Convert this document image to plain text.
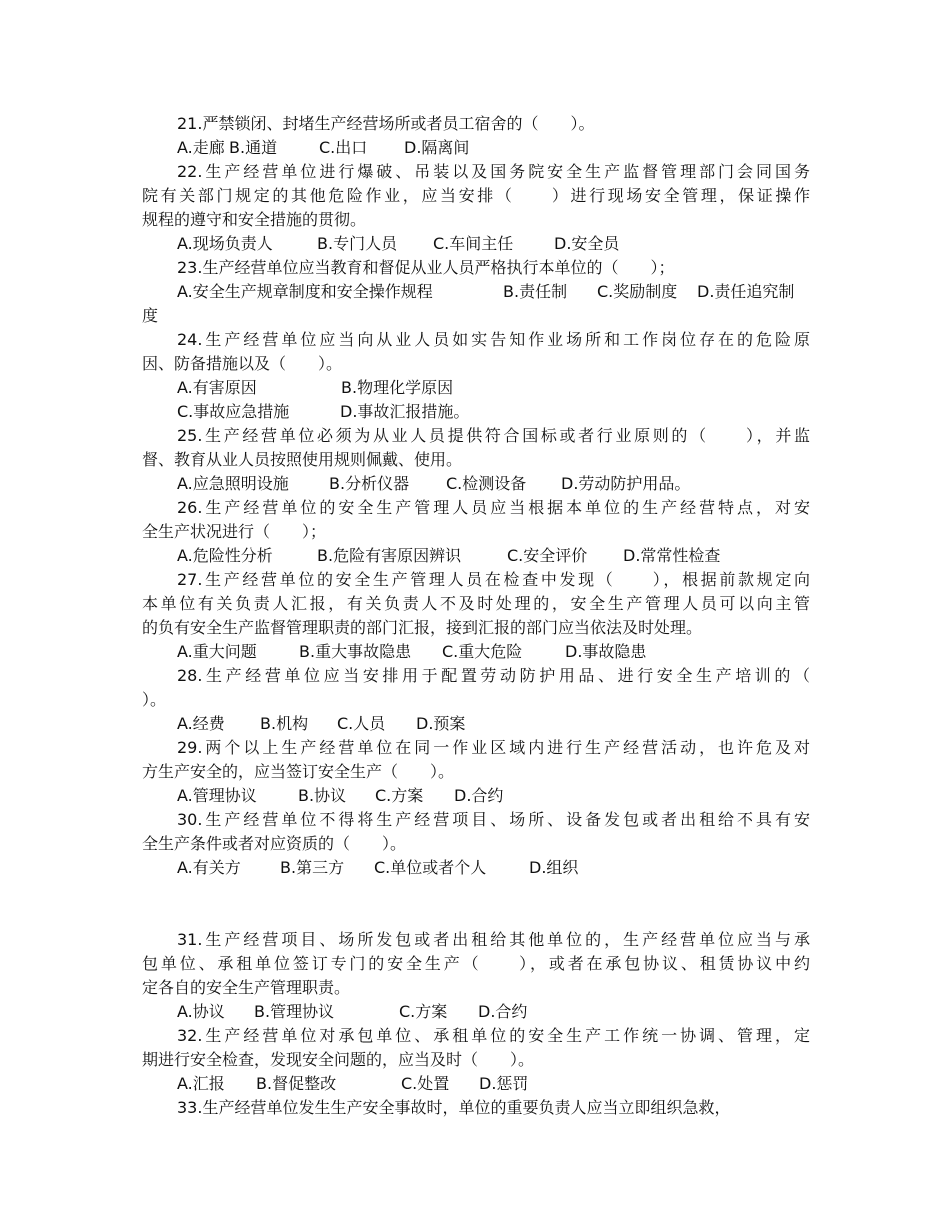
21.严禁锁闭、封堵生产经营场所或者员工宿舍的（　　）。
A.走廊 B.通道	C.出口 D.隔离间
22.生产经营单位进行爆破、吊装以及国务院安全生产监督管理部门会同国务
院有关部门规定的其他危险作业，应当安排（　　）进行现场安全管理，保证操作
规程的遵守和安全措施的贯彻。
A.现场负责人	B.专门人员 C.车间主任	D.安全员
23.生产经营单位应当教育和督促从业人员严格执行本单位的（　　）；
A.安全生产规章制度和安全操作规程	B.责任制 C.奖励制度 D.责任追究制
度
24.生产经营单位应当向从业人员如实告知作业场所和工作岗位存在的危险原
因、防备措施以及（　　）。
A.有害原因	B.物理化学原因
C.事故应急措施	D.事故汇报措施。
25.生产经营单位必须为从业人员提供符合国标或者行业原则的（　　），并监
督、教育从业人员按照使用规则佩戴、使用。
A.应急照明设施	B.分析仪器 C.检测设备 D.劳动防护用品。
26.生产经营单位的安全生产管理人员应当根据本单位的生产经营特点，对安
全生产状况进行（　　）；
A.危险性分析	B.危险有害原因辨识	C.安全评价 D.常常性检查
27.生产经营单位的安全生产管理人员在检查中发现（　　），根据前款规定向
本单位有关负责人汇报，有关负责人不及时处理的，安全生产管理人员可以向主管
的负有安全生产监督管理职责的部门汇报，接到汇报的部门应当依法及时处理。
A.重大问题	B.重大事故隐患 C.重大危险	D.事故隐患
28.生产经营单位应当安排用于配置劳动防护用品、进行安全生产培训的（
）。
A.经费 B.机构 C.人员 D.预案
29.两个以上生产经营单位在同一作业区域内进行生产经营活动，也许危及对
方生产安全的，应当签订安全生产（　　）。
A.管理协议	B.协议 C.方案 D.合约
30.生产经营单位不得将生产经营项目、场所、设备发包或者出租给不具有安
全生产条件或者对应资质的（　　）。
A.有关方 B.第三方 C.单位或者个人	D.组织
31.生产经营项目、场所发包或者出租给其他单位的，生产经营单位应当与承
包单位、承租单位签订专门的安全生产（　　），或者在承包协议、租赁协议中约
定各自的安全生产管理职责。
A.协议 B.管理协议	C.方案 D.合约
32.生产经营单位对承包单位、承租单位的安全生产工作统一协调、管理，定
期进行安全检查，发现安全问题的，应当及时（　　）。
A.汇报 B.督促整改	C.处置 D.惩罚
33.生产经营单位发生生产安全事故时，单位的重要负责人应当立即组织急救，
